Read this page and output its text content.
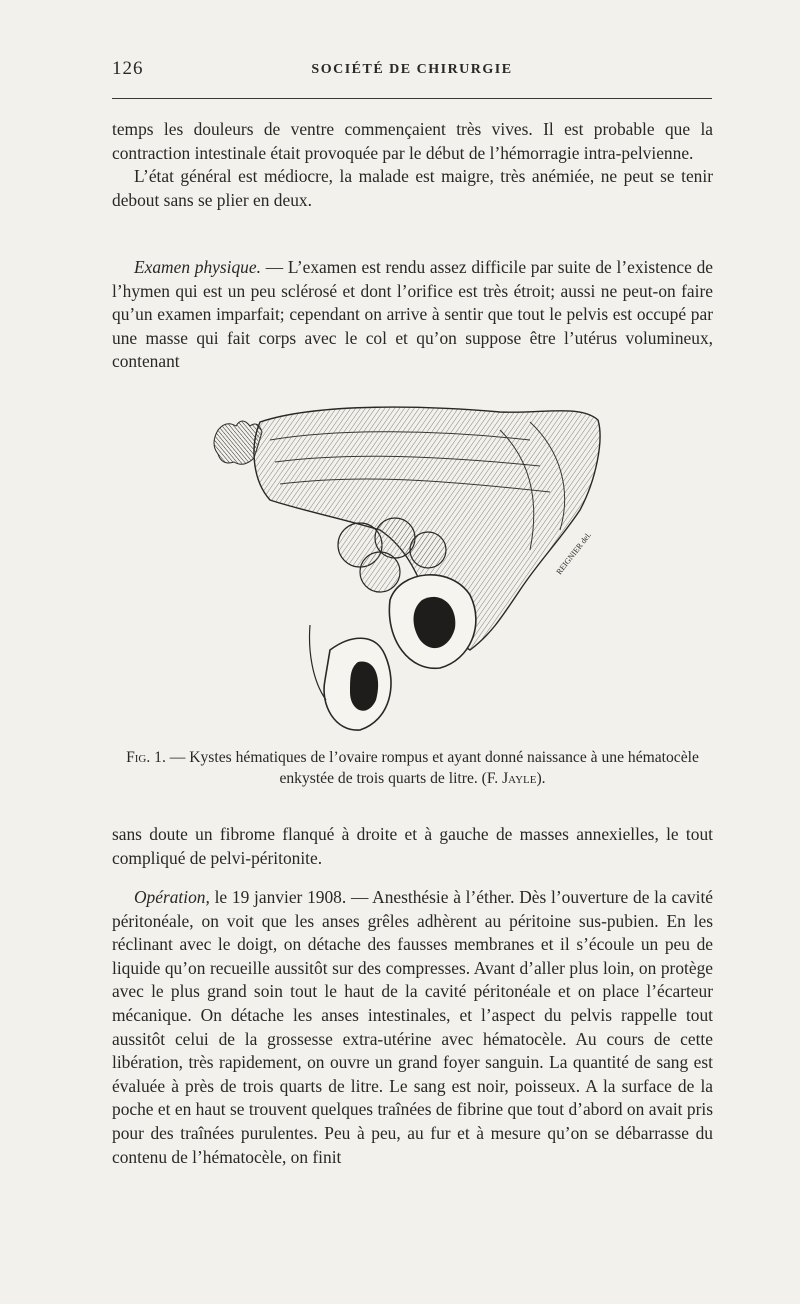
126	SOCIÉTÉ DE CHIRURGIE

temps les douleurs de ventre commençaient très vives. Il est probable que la contraction intestinale était provoquée par le début de l’hémorragie intra-pelvienne.

L’état général est médiocre, la malade est maigre, très anémiée, ne peut se tenir debout sans se plier en deux.

Examen physique. — L’examen est rendu assez difficile par suite de l’existence de l’hymen qui est un peu sclérosé et dont l’orifice est très étroit; aussi ne peut-on faire qu’un examen imparfait; cependant on arrive à sentir que tout le pelvis est occupé par une masse qui fait corps avec le col et qu’on suppose être l’utérus volumineux, contenant

REIGNIER del.
Fig. 1. — Kystes hématiques de l’ovaire rompus et ayant donné naissance à une hématocèle enkystée de trois quarts de litre. (F. Jayle).

sans doute un fibrome flanqué à droite et à gauche de masses annexielles, le tout compliqué de pelvi-péritonite.

Opération, le 19 janvier 1908. — Anesthésie à l’éther. Dès l’ouverture de la cavité péritonéale, on voit que les anses grêles adhèrent au péritoine sus-pubien. En les réclinant avec le doigt, on détache des fausses membranes et il s’écoule un peu de liquide qu’on recueille aussitôt sur des compresses. Avant d’aller plus loin, on protège avec le plus grand soin tout le haut de la cavité péritonéale et on place l’écarteur mécanique. On détache les anses intestinales, et l’aspect du pelvis rappelle tout aussitôt celui de la grossesse extra-utérine avec hématocèle. Au cours de cette libération, très rapidement, on ouvre un grand foyer sanguin. La quantité de sang est évaluée à près de trois quarts de litre. Le sang est noir, poisseux. A la surface de la poche et en haut se trouvent quelques traînées de fibrine que tout d’abord on avait pris pour des traînées purulentes. Peu à peu, au fur et à mesure qu’on se débarrasse du contenu de l’hématocèle, on finit
